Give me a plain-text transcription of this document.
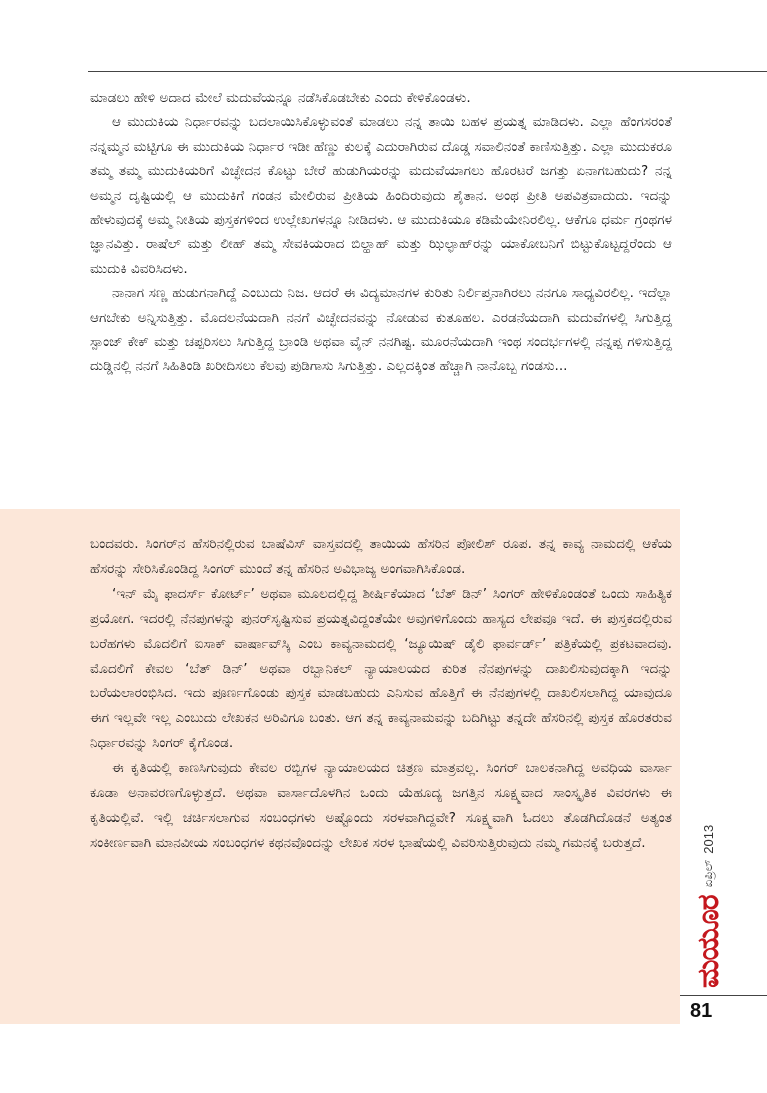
ಮಾಡಲು ಹೇಳಿ ಅದಾದ ಮೇಲೆ ಮದುವೆಯನ್ನೂ ನಡೆಸಿಕೊಡಬೇಕು ಎಂದು ಕೇಳಿಕೊಂಡಳು.

ಆ ಮುದುಕಿಯ ನಿರ್ಧಾರವನ್ನು ಬದಲಾಯಿಸಿಕೊಳ್ಳುವಂತೆ ಮಾಡಲು ನನ್ನ ತಾಯಿ ಬಹಳ ಪ್ರಯತ್ನ ಮಾಡಿದಳು. ಎಲ್ಲಾ ಹೆಂಗಸರಂತೆ ನನ್ನಮ್ಮನ ಮಟ್ಟಿಗೂ ಈ ಮುದುಕಿಯ ನಿರ್ಧಾರ ಇಡೀ ಹೆಣ್ಣು ಕುಲಕ್ಕೆ ಎದುರಾಗಿರುವ ದೊಡ್ಡ ಸವಾಲಿನಂತೆ ಕಾಣಿಸುತ್ತಿತ್ತು. ಎಲ್ಲಾ ಮುದುಕರೂ ತಮ್ಮ ತಮ್ಮ ಮುದುಕಿಯರಿಗೆ ವಿಚ್ಛೇದನ ಕೊಟ್ಟು ಬೇರೆ ಹುಡುಗಿಯರನ್ನು ಮದುವೆಯಾಗಲು ಹೊರಟರೆ ಜಗತ್ತು ಏನಾಗಬಹುದು? ನನ್ನ ಅಮ್ಮನ ದೃಷ್ಟಿಯಲ್ಲಿ ಆ ಮುದುಕಿಗೆ ಗಂಡನ ಮೇಲಿರುವ ಪ್ರೀತಿಯ ಹಿಂದಿರುವುದು ಶೈತಾನ. ಅಂಥ ಪ್ರೀತಿ ಅಪವಿತ್ರವಾದುದು. ಇದನ್ನು ಹೇಳುವುದಕ್ಕೆ ಅಮ್ಮ ನೀತಿಯ ಪುಸ್ತಕಗಳಿಂದ ಉಲ್ಲೇಖಗಳನ್ನೂ ನೀಡಿದಳು. ಆ ಮುದುಕಿಯೂ ಕಡಿಮೆಯೇನಿರಲಿಲ್ಲ. ಆಕೆಗೂ ಧರ್ಮ ಗ್ರಂಥಗಳ ಜ್ಞಾನವಿತ್ತು. ರಾಷೆಲ್ ಮತ್ತು ಲೀಹ್ ತಮ್ಮ ಸೇವಕಿಯರಾದ ಬಿಲ್ಹಾಹ್ ಮತ್ತು ಝಿಲ್ಫಾಹ್‌ರನ್ನು ಯಾಕೋಬನಿಗೆ ಬಿಟ್ಟುಕೊಟ್ಟದ್ದರೆಂದು ಆ ಮುದುಕಿ ವಿವರಿಸಿದಳು.

ನಾನಾಗ ಸಣ್ಣ ಹುಡುಗನಾಗಿದ್ದೆ ಎಂಬುದು ನಿಜ. ಆದರೆ ಈ ವಿದ್ಯಮಾನಗಳ ಕುರಿತು ನಿರ್ಲಿಪ್ತನಾಗಿರಲು ನನಗೂ ಸಾಧ್ಯವಿರಲಿಲ್ಲ. ಇದೆಲ್ಲಾ ಆಗಬೇಕು ಅನ್ನಿಸುತ್ತಿತ್ತು. ಮೊದಲನೆಯದಾಗಿ ನನಗೆ ವಿಚ್ಛೇದನವನ್ನು ನೋಡುವ ಕುತೂಹಲ. ಎರಡನೆಯದಾಗಿ ಮದುವೆಗಳಲ್ಲಿ ಸಿಗುತ್ತಿದ್ದ ಸ್ಪಾಂಜ್ ಕೇಕ್ ಮತ್ತು ಚಪ್ಪರಿಸಲು ಸಿಗುತ್ತಿದ್ದ ಬ್ರಾಂಡಿ ಅಥವಾ ವೈನ್ ನನಗಿಷ್ಟ. ಮೂರನೆಯದಾಗಿ ಇಂಥ ಸಂದರ್ಭಗಳಲ್ಲಿ ನನ್ನಪ್ಪ ಗಳಿಸುತ್ತಿದ್ದ ದುಡ್ಡಿನಲ್ಲಿ ನನಗೆ ಸಿಹಿತಿಂಡಿ ಖರೀದಿಸಲು ಕೆಲವು ಪುಡಿಗಾಸು ಸಿಗುತ್ತಿತ್ತು. ಎಲ್ಲದಕ್ಕಿಂತ ಹೆಚ್ಚಾಗಿ ನಾನೊಬ್ಬ ಗಂಡಸು...

ಬಂದವರು. ಸಿಂಗರ್‌ನ ಹೆಸರಿನಲ್ಲಿರುವ ಬಾಷೆವಿಸ್ ವಾಸ್ತವದಲ್ಲಿ ತಾಯಿಯ ಹೆಸರಿನ ಪೋಲಿಶ್ ರೂಪ. ತನ್ನ ಕಾವ್ಯ ನಾಮದಲ್ಲಿ ಆಕೆಯ ಹೆಸರನ್ನು ಸೇರಿಸಿಕೊಂಡಿದ್ದ ಸಿಂಗರ್ ಮುಂದೆ ತನ್ನ ಹೆಸರಿನ ಅವಿಭಾಜ್ಯ ಅಂಗವಾಗಿಸಿಕೊಂಡ.

‘ಇನ್ ಮೈ ಫಾದರ್ಸ್ ಕೋರ್ಟ್’ ಅಥವಾ ಮೂಲದಲ್ಲಿದ್ದ ಶೀರ್ಷಿಕೆಯಾದ ‘ಬೆತ್ ಡಿನ್’ ಸಿಂಗರ್ ಹೇಳಿಕೊಂಡಂತೆ ಒಂದು ಸಾಹಿತ್ಯಿಕ ಪ್ರಯೋಗ. ಇದರಲ್ಲಿ ನೆನಪುಗಳನ್ನು ಪುನರ್‌ಸೃಷ್ಟಿಸುವ ಪ್ರಯತ್ನವಿದ್ದಂತೆಯೇ ಅವುಗಳಿಗೊಂದು ಹಾಸ್ಯದ ಲೇಪವೂ ಇದೆ. ಈ ಪುಸ್ತಕದಲ್ಲಿರುವ ಬರೆಹಗಳು ಮೊದಲಿಗೆ ಐಸಾಕ್ ವಾರ್ಷಾವ್‌ಸ್ಕಿ ಎಂಬ ಕಾವ್ಯನಾಮದಲ್ಲಿ ‘ಜ್ಯೂಯಿಷ್ ಡೈಲಿ ಫಾರ್ವರ್ಡ್’ ಪತ್ರಿಕೆಯಲ್ಲಿ ಪ್ರಕಟವಾದವು. ಮೊದಲಿಗೆ ಕೇವಲ ‘ಬೆತ್ ಡಿನ್’ ಅಥವಾ ರಬ್ಬಾನಿಕಲ್ ನ್ಯಾಯಾಲಯದ ಕುರಿತ ನೆನಪುಗಳನ್ನು ದಾಖಲಿಸುವುದಕ್ಕಾಗಿ ಇದನ್ನು ಬರೆಯಲಾರಂಭಿಸಿದ. ಇದು ಪೂರ್ಣಗೊಂಡು ಪುಸ್ತಕ ಮಾಡಬಹುದು ಎನಿಸುವ ಹೊತ್ತಿಗೆ ಈ ನೆನಪುಗಳಲ್ಲಿ ದಾಖಲಿಸಲಾಗಿದ್ದ ಯಾವುದೂ ಈಗ ಇಲ್ಲವೇ ಇಲ್ಲ ಎಂಬುದು ಲೇಖಕನ ಅರಿವಿಗೂ ಬಂತು. ಆಗ ತನ್ನ ಕಾವ್ಯನಾಮವನ್ನು ಬದಿಗಿಟ್ಟು ತನ್ನದೇ ಹೆಸರಿನಲ್ಲಿ ಪುಸ್ತಕ ಹೊರತರುವ ನಿರ್ಧಾರವನ್ನು ಸಿಂಗರ್ ಕೈಗೊಂಡ.

ಈ ಕೃತಿಯಲ್ಲಿ ಕಾಣಸಿಗುವುದು ಕೇವಲ ರಬ್ಬಿಗಳ ನ್ಯಾಯಾಲಯದ ಚಿತ್ರಣ ಮಾತ್ರವಲ್ಲ. ಸಿಂಗರ್ ಬಾಲಕನಾಗಿದ್ದ ಅವಧಿಯ ವಾರ್ಸಾ ಕೂಡಾ ಅನಾವರಣಗೊಳ್ಳುತ್ತದೆ. ಅಥವಾ ವಾರ್ಸಾದೊಳಗಿನ ಒಂದು ಯೆಹೂದ್ಯ ಜಗತ್ತಿನ ಸೂಕ್ಷ್ಮವಾದ ಸಾಂಸ್ಕೃತಿಕ ವಿವರಗಳು ಈ ಕೃತಿಯಲ್ಲಿವೆ. ಇಲ್ಲಿ ಚರ್ಚಿಸಲಾಗುವ ಸಂಬಂಧಗಳು ಅಷ್ಟೊಂದು ಸರಳವಾಗಿದ್ದವೇ? ಸೂಕ್ಷ್ಮವಾಗಿ ಓದಲು ತೊಡಗಿದೊಡನೆ ಅತ್ಯಂತ ಸಂಕೀರ್ಣವಾಗಿ ಮಾನವೀಯ ಸಂಬಂಧಗಳ ಕಥನವೊಂದನ್ನು ಲೇಖಕ ಸರಳ ಭಾಷೆಯಲ್ಲಿ ವಿವರಿಸುತ್ತಿರುವುದು ನಮ್ಮ ಗಮನಕ್ಕೆ ಬರುತ್ತದೆ.

ಮಯೂರ
ಏಪ್ರಿಲ್
2013
81
